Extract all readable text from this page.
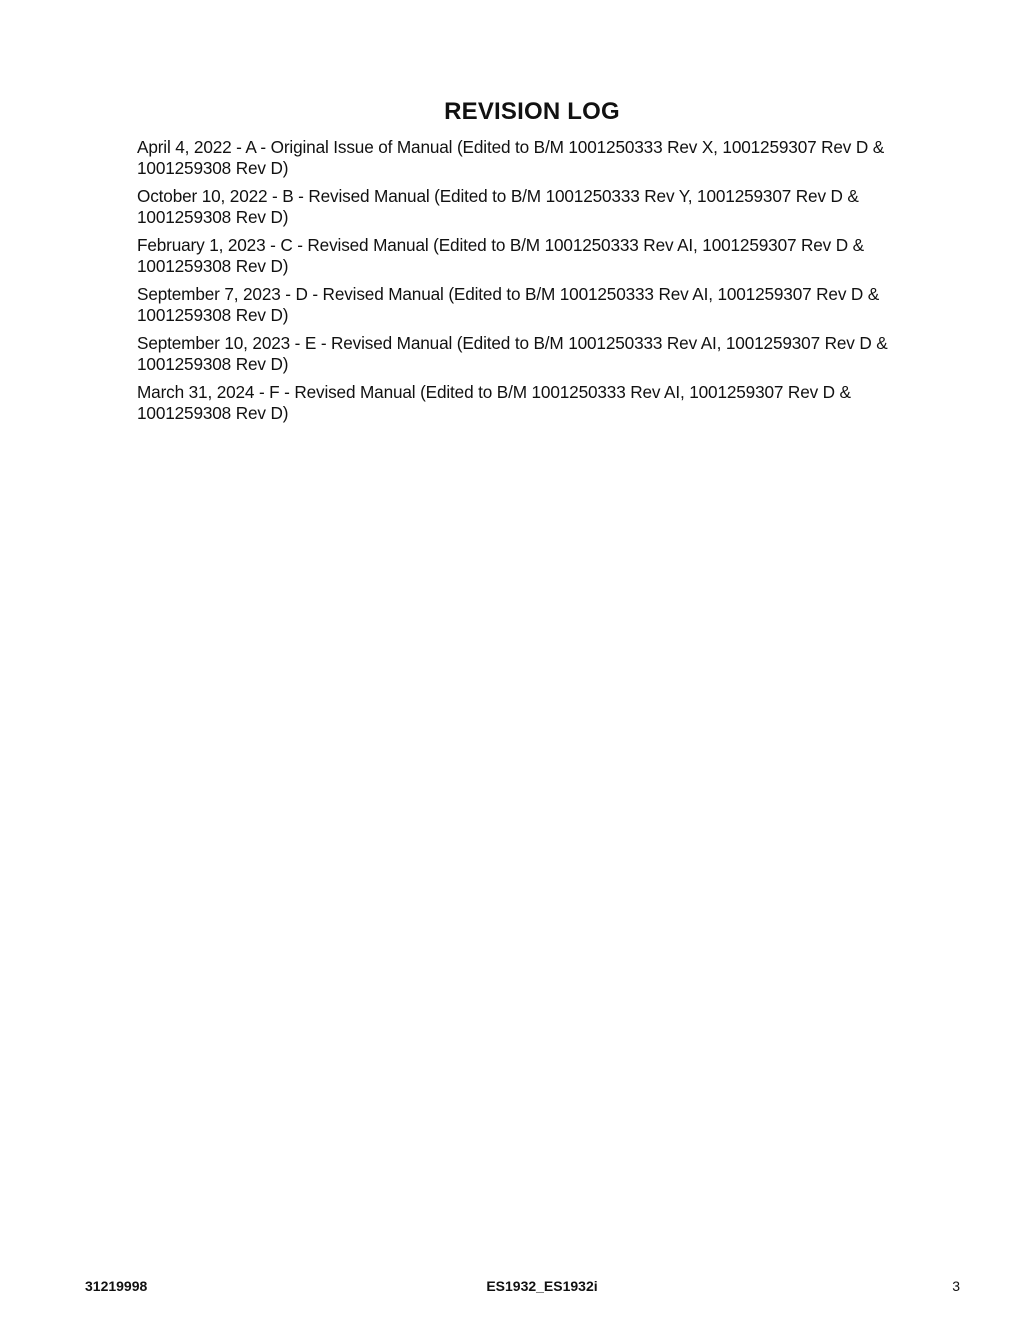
REVISION LOG
April 4, 2022 - A - Original Issue of Manual (Edited to B/M 1001250333 Rev X, 1001259307 Rev D & 1001259308 Rev D)
October 10, 2022 - B - Revised Manual (Edited to B/M 1001250333 Rev Y, 1001259307 Rev D & 1001259308 Rev D)
February 1, 2023 - C - Revised Manual (Edited to B/M 1001250333 Rev AI, 1001259307 Rev D & 1001259308 Rev D)
September 7, 2023 - D - Revised Manual (Edited to B/M 1001250333 Rev AI, 1001259307 Rev D & 1001259308 Rev D)
September 10, 2023 - E - Revised Manual (Edited to B/M 1001250333 Rev AI, 1001259307 Rev D & 1001259308 Rev D)
March 31, 2024 - F - Revised Manual (Edited to B/M 1001250333 Rev AI, 1001259307 Rev D & 1001259308 Rev D)
31219998	ES1932_ES1932i	3
